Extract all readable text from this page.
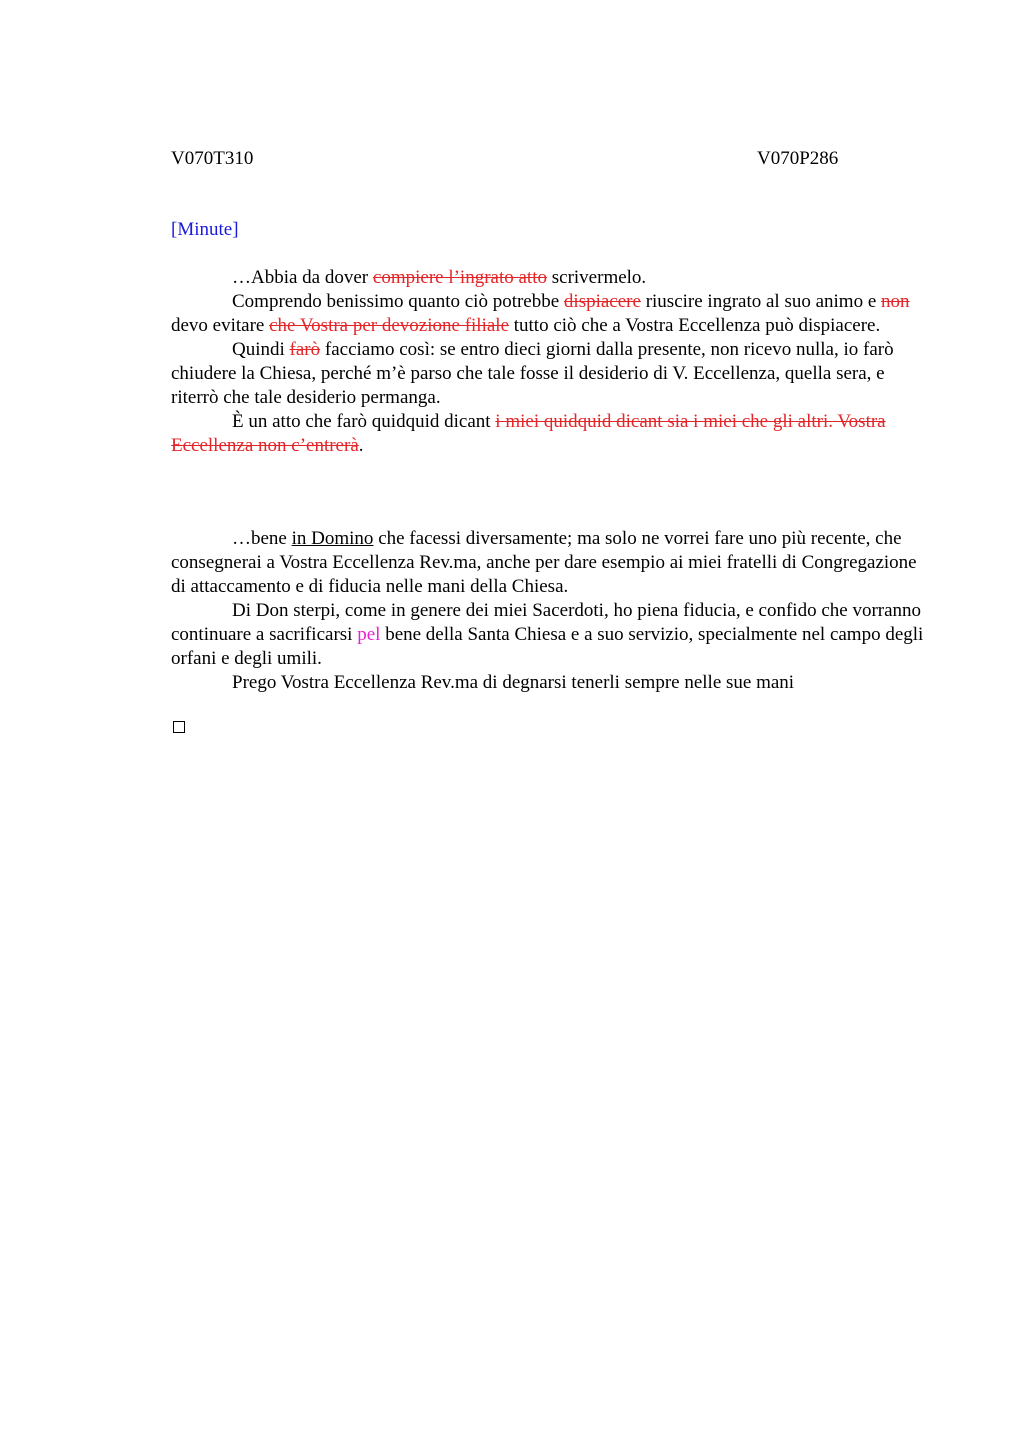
V070T310	V070P286
[Minute]

…Abbia da dover compiere l’ingrato atto scrivermelo.

Comprendo benissimo quanto ciò potrebbe dispiacere riuscire ingrato al suo animo e non devo evitare che Vostra per devozione filiale tutto ciò che a Vostra Eccellenza può dispiacere.

Quindi farò facciamo così: se entro dieci giorni dalla presente, non ricevo nulla, io farò chiudere la Chiesa, perché m’è parso che tale fosse il desiderio di V. Eccellenza, quella sera, e riterrò che tale desiderio permanga.

È un atto che farò quidquid dicant i miei quidquid dicant sia i miei che gli altri. Vostra Eccellenza non c’entrerà.

…bene in Domino che facessi diversamente; ma solo ne vorrei fare uno più recente, che consegnerai a Vostra Eccellenza Rev.ma, anche per dare esempio ai miei fratelli di Congregazione di attaccamento e di fiducia nelle mani della Chiesa.

Di Don sterpi, come in genere dei miei Sacerdoti, ho piena fiducia, e confido che vorranno continuare a sacrificarsi pel bene della Santa Chiesa e a suo servizio, specialmente nel campo degli orfani e degli umili.

Prego Vostra Eccellenza Rev.ma di degnarsi tenerli sempre nelle sue mani
